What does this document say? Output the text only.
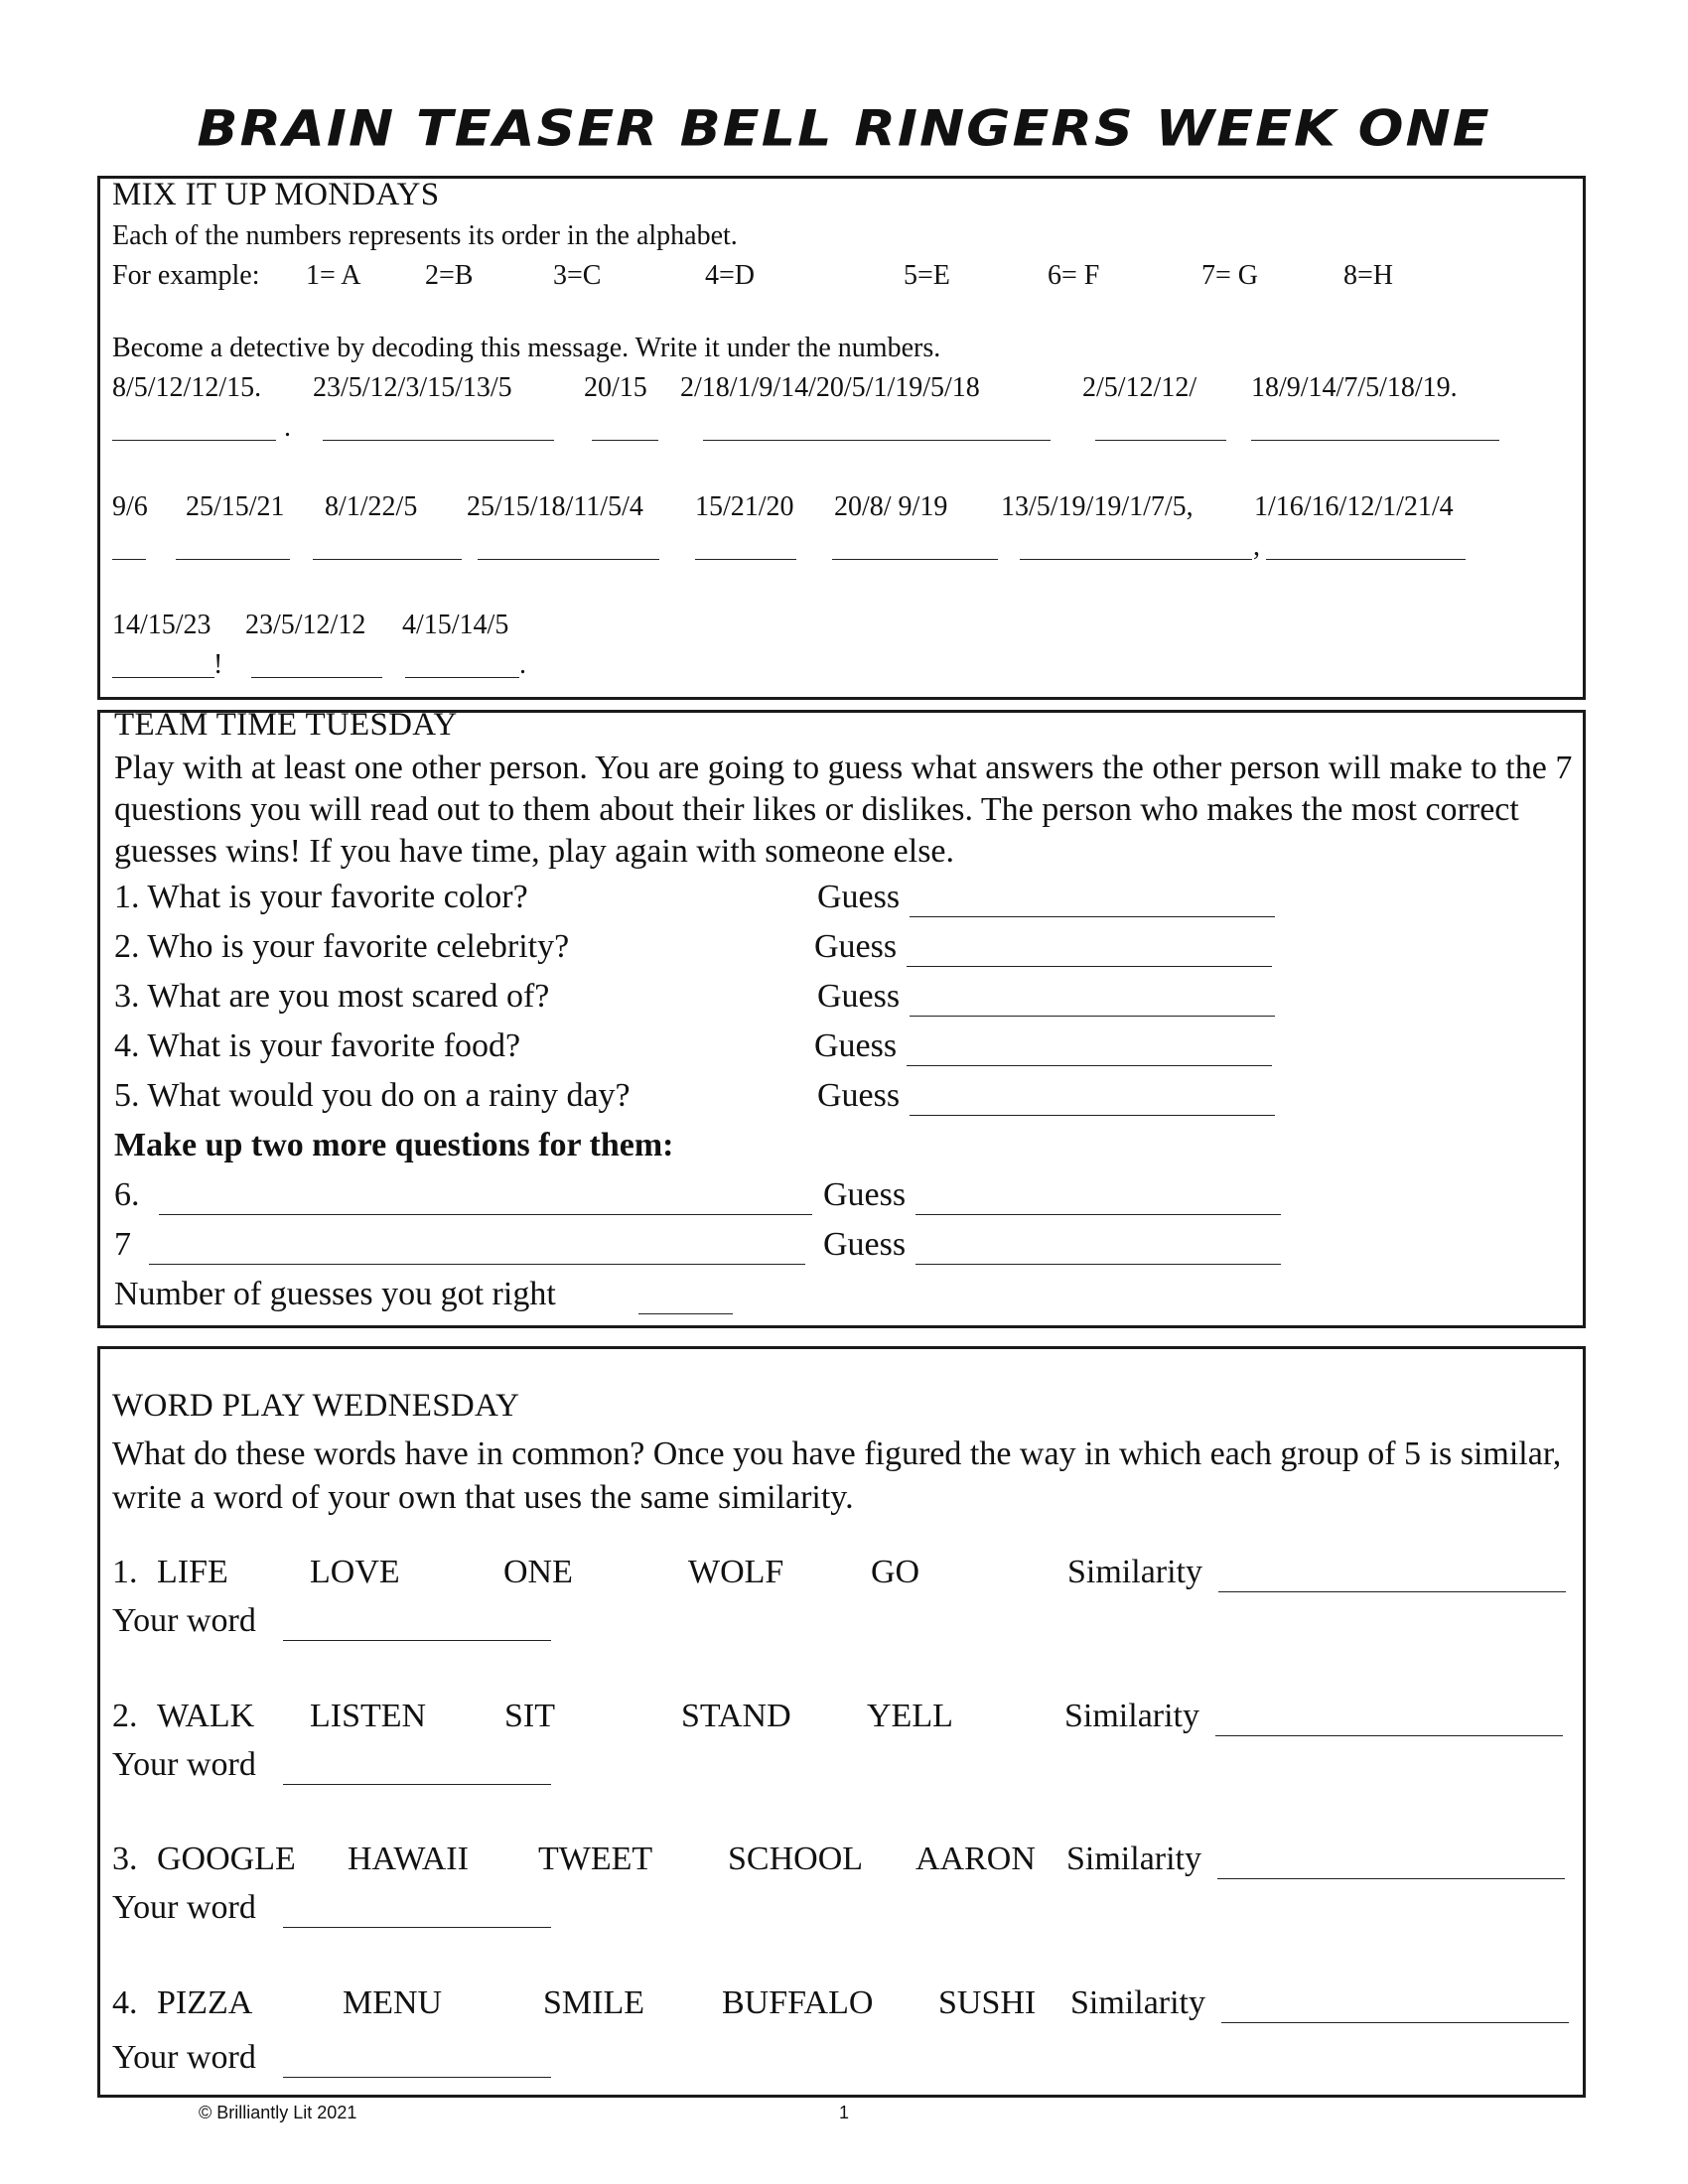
BRAIN TEASER BELL RINGERS WEEK ONE
MIX IT UP MONDAYS
Each of the numbers represents its order in the alphabet.
For example: 1= A 2=B	3=C	4=D	5=E	6= F	7= G	8=H
Become a detective by decoding this message. Write it under the numbers.
8/5/12/12/15. 23/5/12/3/15/13/5	20/15 2/18/1/9/14/20/5/1/19/5/18	2/5/12/12/ 18/9/14/7/5/18/19.
.
9/6 25/15/21 8/1/22/5 25/15/18/11/5/4 15/21/20 20/8/ 9/19 13/5/19/19/1/7/5, 1/16/16/12/1/21/4
,
14/15/23 23/5/12/12 4/15/14/5
!	.
TEAM TIME TUESDAY
Play with at least one other person. You are going to guess what answers the other person will make to the 7 questions you will read out to them about their likes or dislikes. The person who makes the most correct guesses wins! If you have time, play again with someone else.
1. What is your favorite color?	Guess
2. Who is your favorite celebrity?	Guess
3. What are you most scared of?	Guess
4. What is your favorite food?	Guess
5. What would you do on a rainy day?	Guess
Make up two more questions for them:
6.	Guess
7	Guess
Number of guesses you got right
WORD PLAY WEDNESDAY
What do these words have in common? Once you have figured the way in which each group of 5 is similar, write a word of your own that uses the same similarity.
1. LIFE LOVE	ONE	WOLF	GO	Similarity
Your word
2. WALK LISTEN SIT	STAND YELL	Similarity
Your word
3. GOOGLE HAWAII TWEET SCHOOL AARON Similarity
Your word
4. PIZZA	MENU	SMILE BUFFALO SUSHI Similarity
Your word
© Brilliantly Lit 2021	1
